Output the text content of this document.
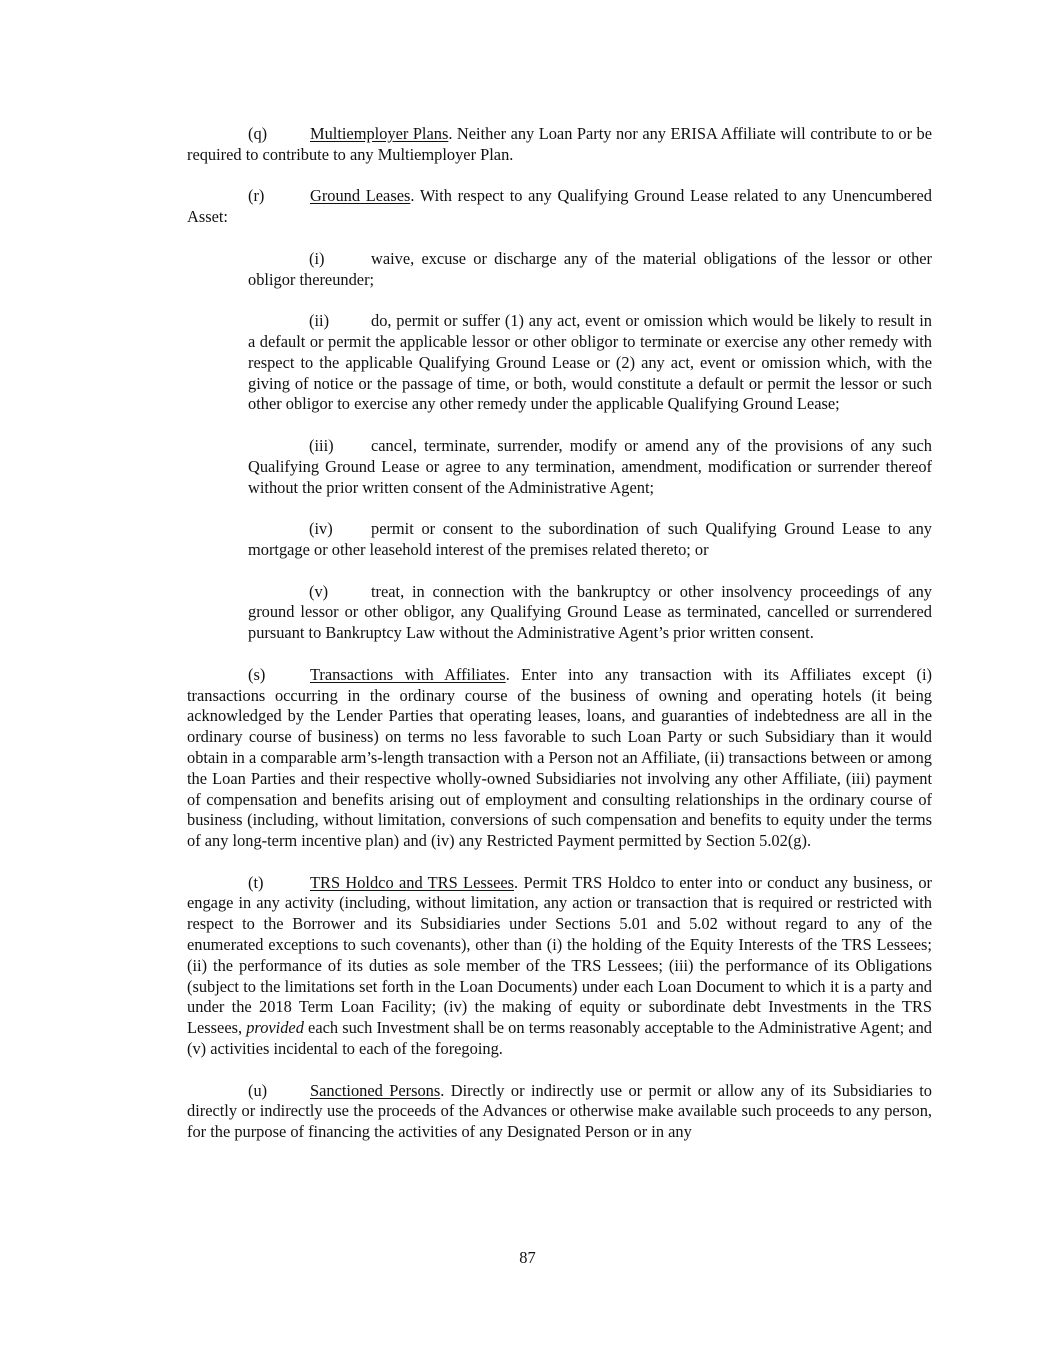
(q)	Multiemployer Plans. Neither any Loan Party nor any ERISA Affiliate will contribute to or be required to contribute to any Multiemployer Plan.

(r)	Ground Leases. With respect to any Qualifying Ground Lease related to any Unencumbered Asset:

(i)	waive, excuse or discharge any of the material obligations of the lessor or other obligor thereunder;

(ii)	do, permit or suffer (1) any act, event or omission which would be likely to result in a default or permit the applicable lessor or other obligor to terminate or exercise any other remedy with respect to the applicable Qualifying Ground Lease or (2) any act, event or omission which, with the giving of notice or the passage of time, or both, would constitute a default or permit the lessor or such other obligor to exercise any other remedy under the applicable Qualifying Ground Lease;

(iii) cancel, terminate, surrender, modify or amend any of the provisions of any such Qualifying Ground Lease or agree to any termination, amendment, modification or surrender thereof without the prior written consent of the Administrative Agent;

(iv) permit or consent to the subordination of such Qualifying Ground Lease to any mortgage or other leasehold interest of the premises related thereto; or

(v)	treat, in connection with the bankruptcy or other insolvency proceedings of any ground lessor or other obligor, any Qualifying Ground Lease as terminated, cancelled or surrendered pursuant to Bankruptcy Law without the Administrative Agent’s prior written consent.

(s)	Transactions with Affiliates. Enter into any transaction with its Affiliates except (i) transactions occurring in the ordinary course of the business of owning and operating hotels (it being acknowledged by the Lender Parties that operating leases, loans, and guaranties of indebtedness are all in the ordinary course of business) on terms no less favorable to such Loan Party or such Subsidiary than it would obtain in a comparable arm’s-length transaction with a Person not an Affiliate, (ii) transactions between or among the Loan Parties and their respective wholly-owned Subsidiaries not involving any other Affiliate, (iii) payment of compensation and benefits arising out of employment and consulting relationships in the ordinary course of business (including, without limitation, conversions of such compensation and benefits to equity under the terms of any long-term incentive plan) and (iv) any Restricted Payment permitted by Section 5.02(g).

(t)	TRS Holdco and TRS Lessees. Permit TRS Holdco to enter into or conduct any business, or engage in any activity (including, without limitation, any action or transaction that is required or restricted with respect to the Borrower and its Subsidiaries under Sections 5.01 and 5.02 without regard to any of the enumerated exceptions to such covenants), other than (i) the holding of the Equity Interests of the TRS Lessees; (ii) the performance of its duties as sole member of the TRS Lessees; (iii) the performance of its Obligations (subject to the limitations set forth in the Loan Documents) under each Loan Document to which it is a party and under the 2018 Term Loan Facility; (iv) the making of equity or subordinate debt Investments in the TRS Lessees, provided each such Investment shall be on terms reasonably acceptable to the Administrative Agent; and (v) activities incidental to each of the foregoing.

(u)	Sanctioned Persons. Directly or indirectly use or permit or allow any of its Subsidiaries to directly or indirectly use the proceeds of the Advances or otherwise make available such proceeds to any person, for the purpose of financing the activities of any Designated Person or in any

87
